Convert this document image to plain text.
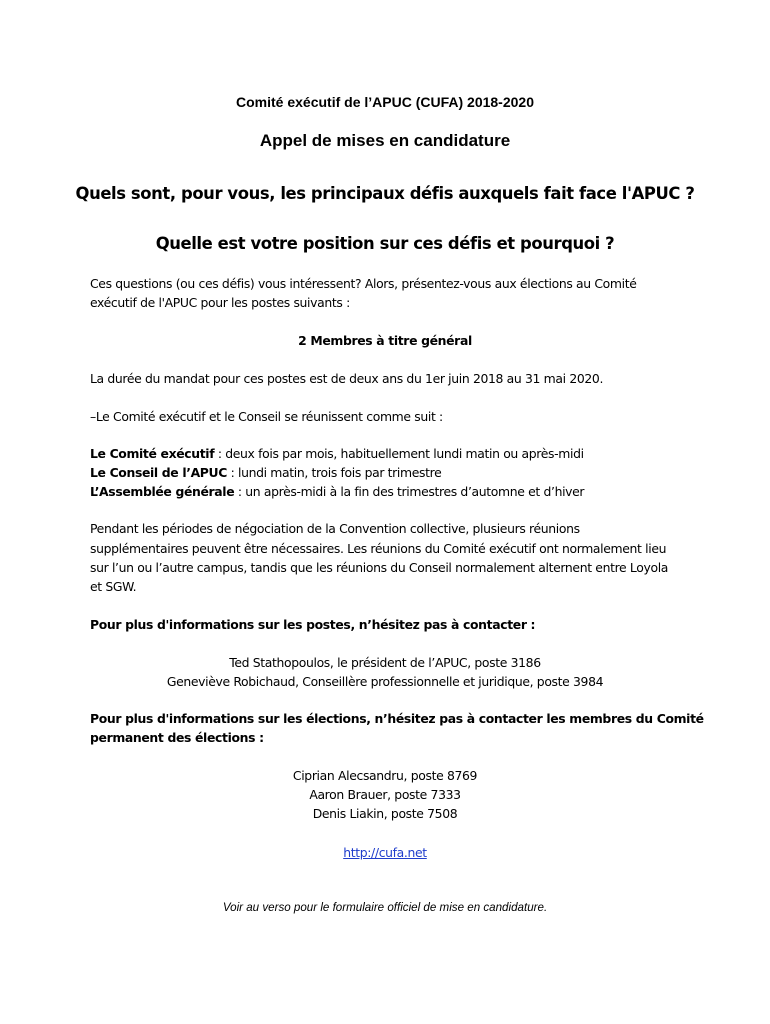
Comité exécutif de l’APUC (CUFA) 2018-2020
Appel de mises en candidature
Quels sont, pour vous, les principaux défis auxquels fait face l'APUC ?
Quelle est votre position sur ces défis et pourquoi ?
Ces questions (ou ces défis) vous intéressent? Alors, présentez-vous aux élections au Comité
exécutif de l'APUC pour les postes suivants :
2 Membres à titre général
La durée du mandat pour ces postes est de deux ans du 1er juin 2018 au 31 mai 2020.
–Le Comité exécutif et le Conseil se réunissent comme suit :
Le Comité exécutif : deux fois par mois, habituellement lundi matin ou après-midi
Le Conseil de l’APUC : lundi matin, trois fois par trimestre
L’Assemblée générale : un après-midi à la fin des trimestres d’automne et d’hiver
Pendant les périodes de négociation de la Convention collective, plusieurs réunions
supplémentaires peuvent être nécessaires. Les réunions du Comité exécutif ont normalement lieu
sur l’un ou l’autre campus, tandis que les réunions du Conseil normalement alternent entre Loyola
et SGW.
Pour plus d'informations sur les postes, n’hésitez pas à contacter :
Ted Stathopoulos, le président de l’APUC, poste 3186
Geneviève Robichaud, Conseillère professionnelle et juridique, poste 3984
Pour plus d'informations sur les élections, n’hésitez pas à contacter les membres du Comité
permanent des élections :
Ciprian Alecsandru, poste 8769
Aaron Brauer, poste 7333
Denis Liakin, poste 7508
http://cufa.net
Voir au verso pour le formulaire officiel de mise en candidature.
